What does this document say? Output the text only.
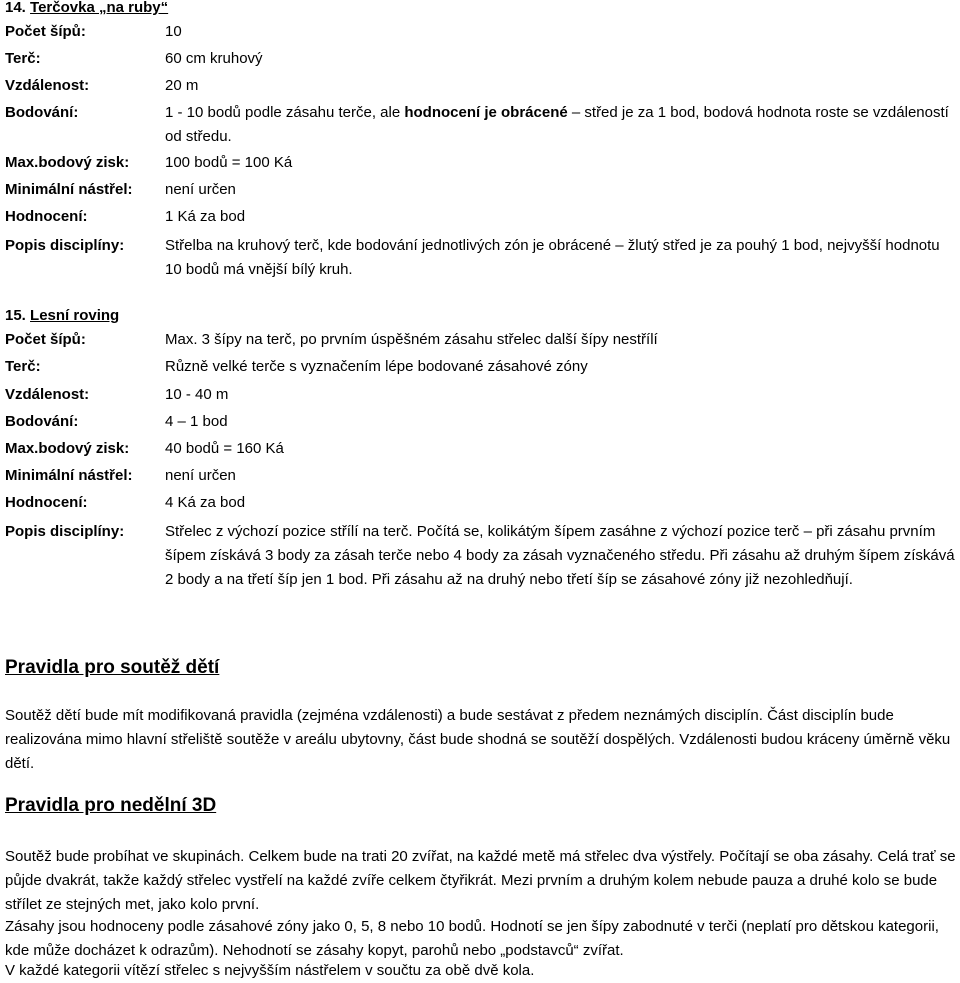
14. Terčovka „na ruby“
Počet šípů:	10
Terč:	60 cm kruhový
Vzdálenost:	20 m
Bodování:	1 - 10 bodů podle zásahu terče, ale hodnocení je obrácené – střed je za 1 bod, bodová hodnota roste se vzdáleností od středu.
Max.bodový zisk: 100 bodů = 100 Ká
Minimální nástřel: není určen
Hodnocení:	1 Ká za bod
Popis disciplíny:	Střelba na kruhový terč, kde bodování jednotlivých zón je obrácené – žlutý střed je za pouhý 1 bod, nejvyšší hodnotu 10 bodů má vnější bílý kruh.
15. Lesní roving
Počet šípů:	Max. 3 šípy na terč, po prvním úspěšném zásahu střelec další šípy nestřílí
Terč:	Různě velké terče s vyznačením lépe bodované zásahové zóny
Vzdálenost:	10 - 40 m
Bodování:	4 – 1 bod
Max.bodový zisk: 40 bodů = 160 Ká
Minimální nástřel: není určen
Hodnocení:	4 Ká za bod
Popis disciplíny:	Střelec z výchozí pozice střílí na terč. Počítá se, kolikátým šípem zasáhne z výchozí pozice terč – při zásahu prvním šípem získává 3 body za zásah terče nebo 4 body za zásah vyznačeného středu. Při zásahu až druhým šípem získává 2 body a na třetí šíp jen 1 bod. Při zásahu až na druhý nebo třetí šíp se zásahové zóny již nezohledňují.
Pravidla pro soutěž dětí
Soutěž dětí bude mít modifikovaná pravidla (zejména vzdálenosti) a bude sestávat z předem neznámých disciplín. Část disciplín bude realizována mimo hlavní střeliště soutěže v areálu ubytovny, část bude shodná se soutěží dospělých. Vzdálenosti budou kráceny úměrně věku dětí.
Pravidla pro nedělní 3D
Soutěž bude probíhat ve skupinách. Celkem bude na trati 20 zvířat, na každé metě má střelec dva výstřely. Počítají se oba zásahy. Celá trať se půjde dvakrát, takže každý střelec vystřelí na každé zvíře celkem čtyřikrát. Mezi prvním a druhým kolem nebude pauza a druhé kolo se bude střílet ze stejných met, jako kolo první.
Zásahy jsou hodnoceny podle zásahové zóny jako 0, 5, 8 nebo 10 bodů. Hodnotí se jen šípy zabodnuté v terči (neplatí pro dětskou kategorii, kde může docházet k odrazům). Nehodnotí se zásahy kopyt, parohů nebo „podstavců“ zvířat.
V každé kategorii vítězí střelec s nejvyšším nástřelem v součtu za obě dvě kola.
